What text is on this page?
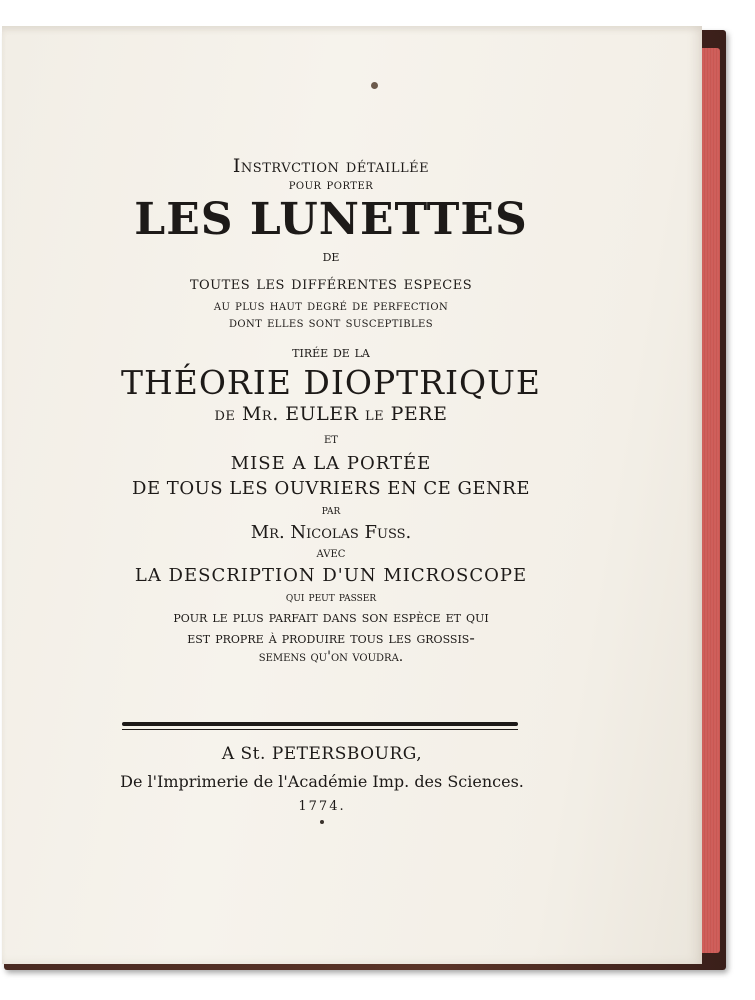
Instrvction détaillée
pour porter
LES LUNETTES
de
toutes les différentes especes
au plus haut degré de perfection
dont elles sont susceptibles
tirée de la
THÉORIE DIOPTRIQUE
de Mr. EULER le PERE
et
MISE A LA PORTÉE
DE TOUS LES OUVRIERS EN CE GENRE
par
Mr. Nicolas Fuss.
avec
LA DESCRIPTION D'UN MICROSCOPE
qui peut passer
pour le plus parfait dans son espèce et qui
est propre à produire tous les grossis-
semens qu'on voudra.
A St. PETERSBOURG,
De l'Imprimerie de l'Académie Imp. des Sciences.
1774.
